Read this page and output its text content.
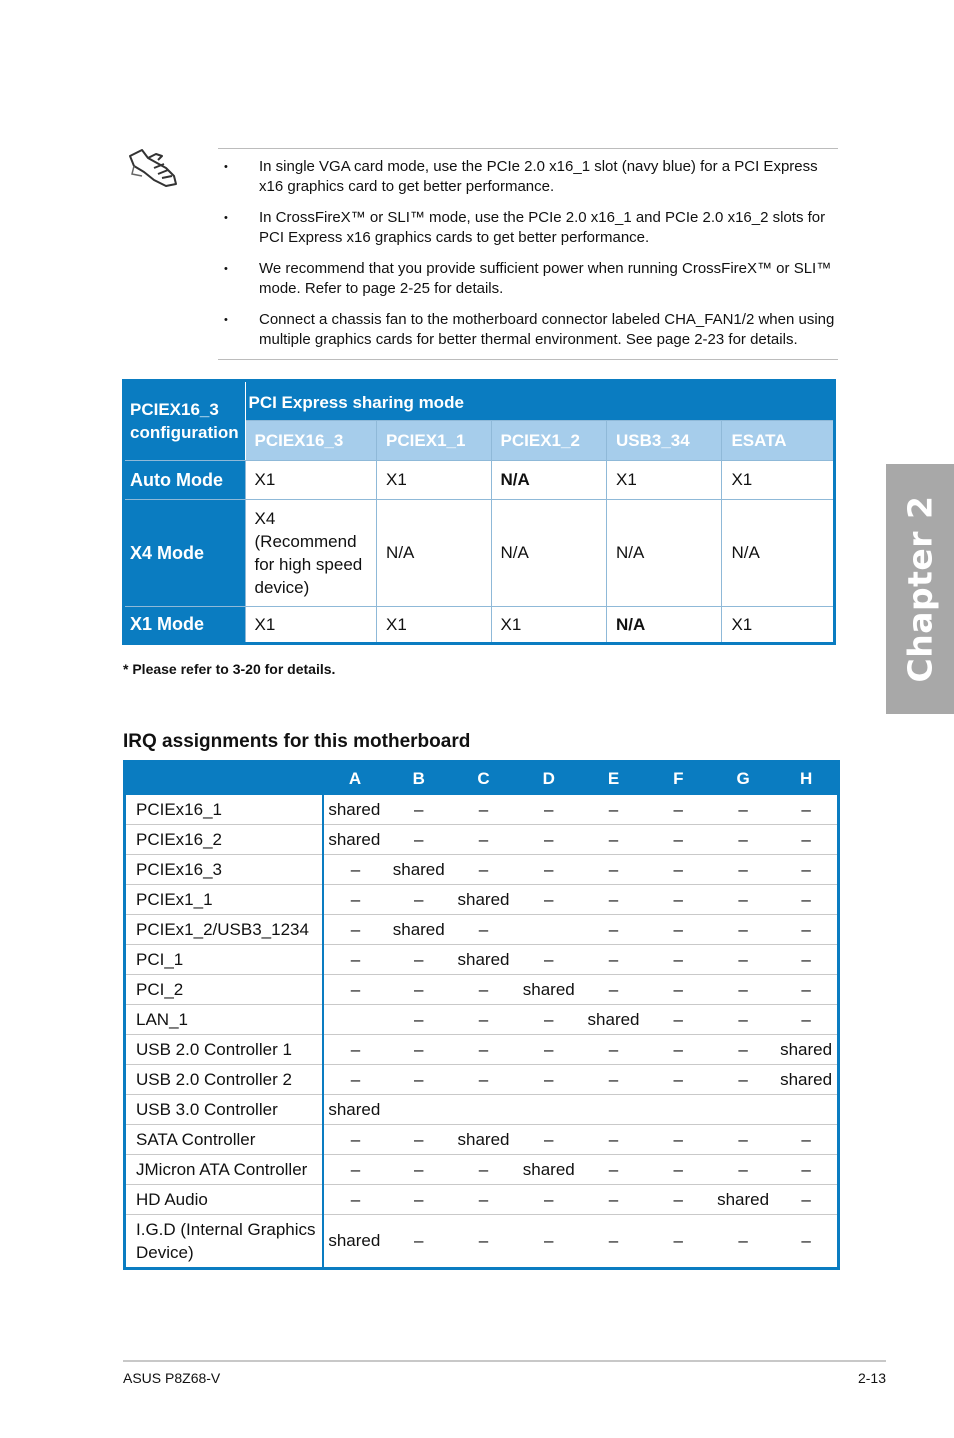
• In single VGA card mode, use the PCIe 2.0 x16_1 slot (navy blue) for a PCI Express x16 graphics card to get better performance.
• In CrossFireX™ or SLI™ mode, use the PCIe 2.0 x16_1 and PCIe 2.0 x16_2 slots for PCI Express x16 graphics cards to get better performance.
• We recommend that you provide sufficient power when running CrossFireX™ or SLI™ mode. Refer to page 2-25 for details.
• Connect a chassis fan to the motherboard connector labeled CHA_FAN1/2 when using multiple graphics cards for better thermal environment. See page 2-23 for details.
PCIEX16_3 configuration	PCI Express sharing mode				
	PCIEX16_3	PCIEX1_1	PCIEX1_2	USB3_34	ESATA
Auto Mode	X1	X1	N/A	X1	X1
X4 Mode	X4 (Recommend for high speed device)	N/A	N/A	N/A	N/A
X1 Mode	X1	X1	X1	N/A	X1
* Please refer to 3-20 for details.
IRQ assignments for this motherboard
	A	B	C	D	E	F	G	H
PCIEx16_1	shared	–	–	–	–	–	–	–
PCIEx16_2	shared	–	–	–	–	–	–	–
PCIEx16_3	–	shared	–	–	–	–	–	–
PCIEx1_1	–	–	shared	–	–	–	–	–
PCIEx1_2/USB3_1234	–	shared	–		–	–	–	–
PCI_1	–	–	shared	–	–	–	–	–
PCI_2	–	–	–	shared	–	–	–	–
LAN_1		–	–	–	shared	–	–	–
USB 2.0 Controller 1	–	–	–	–	–	–	–	shared
USB 2.0 Controller 2	–	–	–	–	–	–	–	shared
USB 3.0 Controller	shared							
SATA Controller	–	–	shared	–	–	–	–	–
JMicron ATA Controller	–	–	–	shared	–	–	–	–
HD Audio	–	–	–	–	–	–	shared	–
I.G.D (Internal Graphics Device)	shared	–	–	–	–	–	–	–
Chapter 2
ASUS P8Z68-V	2-13
